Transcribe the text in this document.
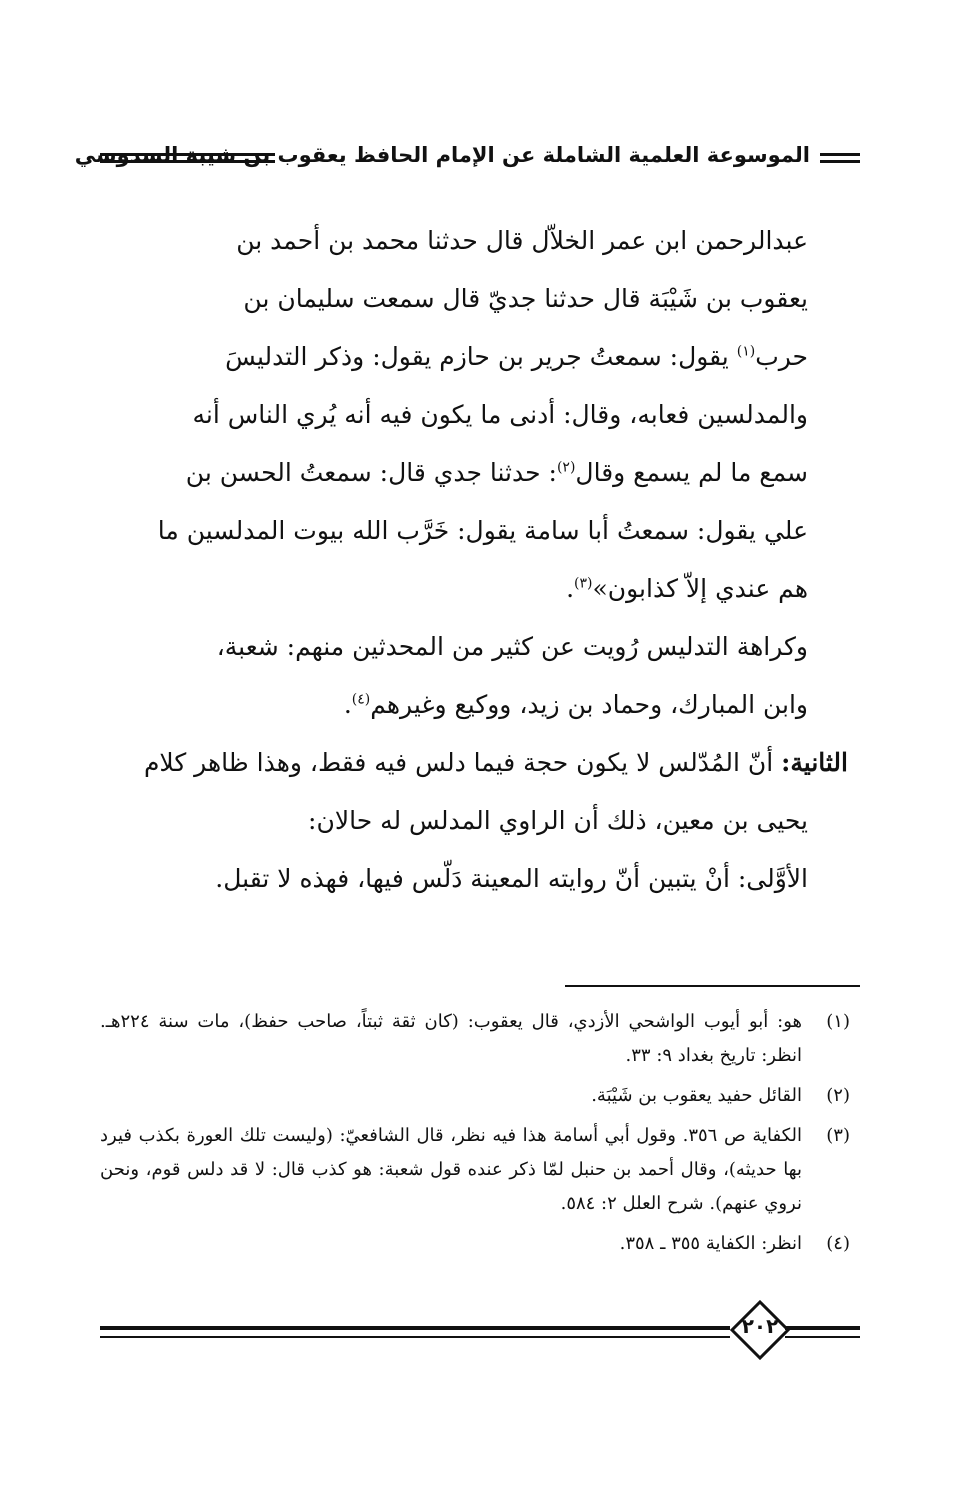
الموسوعة العلمية الشاملة عن الإمام الحافظ يعقوب بن شيبة السدوسي

عبدالرحمن ابن عمر الخلاّل قال حدثنا محمد بن أحمد بن

يعقوب بن شَيْبَة قال حدثنا جديّ قال سمعت سليمان بن

حرب$^{(١)}$ يقول: سمعتُ جرير بن حازم يقول: وذكر التدليسَ

والمدلسين فعابه، وقال: أدنى ما يكون فيه أنه يُري الناس أنه

سمع ما لم يسمع وقال$^{(٢)}$: حدثنا جدي قال: سمعتُ الحسن بن

علي يقول: سمعتُ أبا سامة يقول: خَرَّب الله بيوت المدلسين ما

هم عندي إلاّ كذابون»$^{(٣)}$.

وكراهة التدليس رُويت عن كثير من المحدثين منهم: شعبة،

وابن المبارك، وحماد بن زيد، ووكيع وغيرهم$^{(٤)}$.

الثانية: أنّ المُدّلس لا يكون حجة فيما دلس فيه فقط، وهذا ظاهر كلام

يحيى بن معين، ذلك أن الراوي المدلس له حالان:

الأوَّلى: أنْ يتبين أنّ روايته المعينة دَلّس فيها، فهذه لا تقبل.

(١)
هو: أبو أيوب الواشحي الأزدي، قال يعقوب: (كان ثقة ثبتاً، صاحب حفظ)، مات سنة ٢٢٤هـ. انظر: تاريخ بغداد ٩: ٣٣.
(٢)
القائل حفيد يعقوب بن شَيْبَة.
(٣)
الكفاية ص ٣٥٦. وقول أبي أسامة هذا فيه نظر، قال الشافعيّ: (وليست تلك العورة بكذب فيرد بها حديثه)، وقال أحمد بن حنبل لمّا ذكر عنده قول شعبة: هو كذب قال: لا قد دلس قوم، ونحن نروي عنهم). شرح العلل ٢: ٥٨٤.
(٤)
انظر: الكفاية ٣٥٥ ـ ٣٥٨.
٢٠٢
